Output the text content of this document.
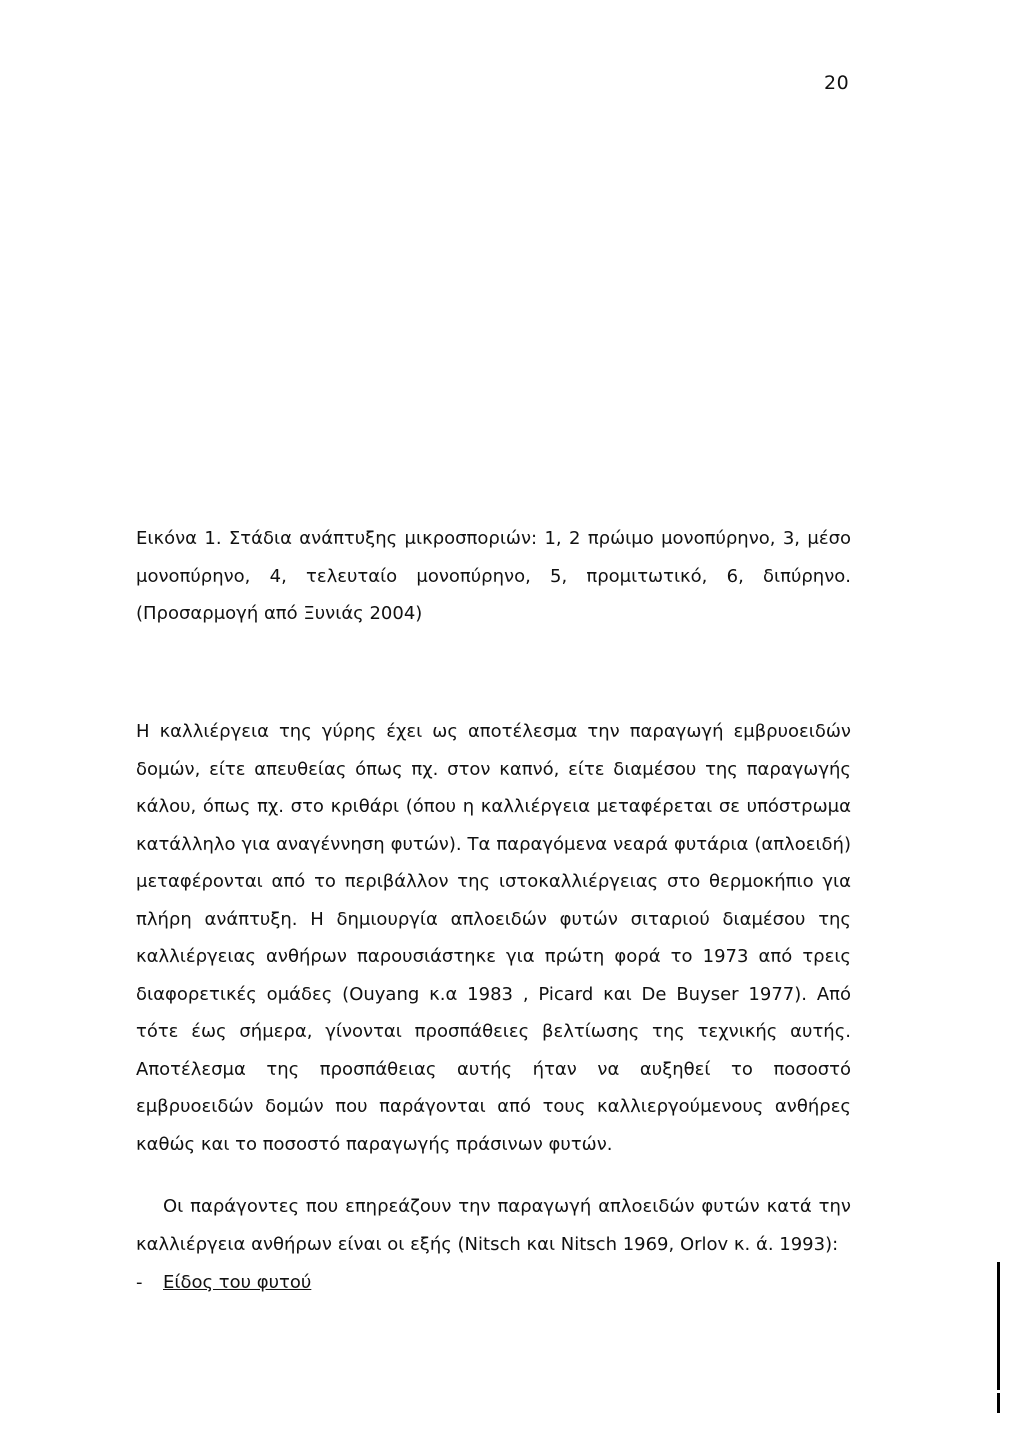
20

Εικόνα 1. Στάδια ανάπτυξης μικροσποριών: 1, 2 πρώιμο μονοπύρηνο, 3, μέσο μονοπύρηνο, 4, τελευταίο μονοπύρηνο, 5, προμιτωτικό, 6, διπύρηνο. (Προσαρμογή από Ξυνιάς 2004)

Η καλλιέργεια της γύρης έχει ως αποτέλεσμα την παραγωγή εμβρυοειδών δομών, είτε απευθείας όπως πχ. στον καπνό, είτε διαμέσου της παραγωγής κάλου, όπως πχ. στο κριθάρι (όπου η καλλιέργεια μεταφέρεται σε υπόστρωμα κατάλληλο για αναγέννηση φυτών). Τα παραγόμενα νεαρά φυτάρια (απλοειδή) μεταφέρονται από το περιβάλλον της ιστοκαλλιέργειας στο θερμοκήπιο για πλήρη ανάπτυξη. Η δημιουργία απλοειδών φυτών σιταριού διαμέσου της καλλιέργειας ανθήρων παρουσιάστηκε για πρώτη φορά το 1973 από τρεις διαφορετικές ομάδες (Ouyang κ.α 1983 , Picard και De Buyser 1977). Από τότε έως σήμερα, γίνονται προσπάθειες βελτίωσης της τεχνικής αυτής. Αποτέλεσμα της προσπάθειας αυτής ήταν να αυξηθεί το ποσοστό εμβρυοειδών δομών που παράγονται από τους καλλιεργούμενους ανθήρες καθώς και το ποσοστό παραγωγής πράσινων φυτών.

Οι παράγοντες που επηρεάζουν την παραγωγή απλοειδών φυτών κατά την καλλιέργεια ανθήρων είναι οι εξής (Nitsch και Nitsch 1969, Orlov κ. ά. 1993):

- Είδος του φυτού
